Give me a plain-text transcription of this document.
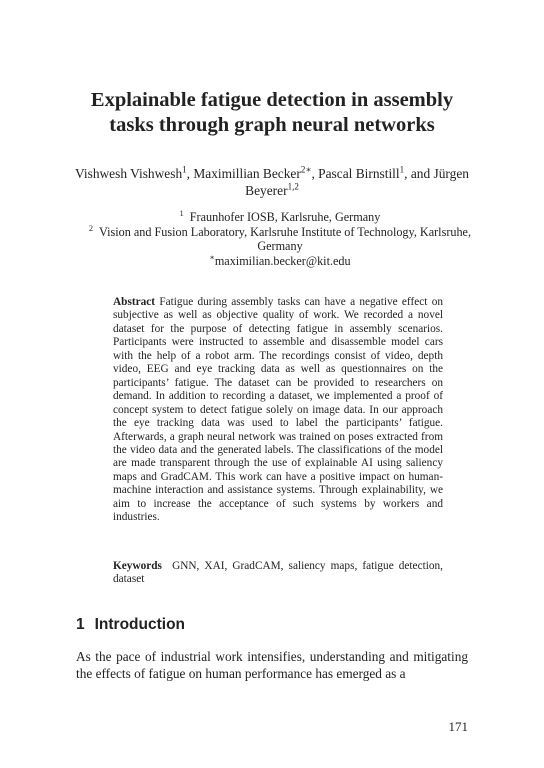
Explainable fatigue detection in assembly
tasks through graph neural networks
Vishwesh Vishwesh$^1$, Maximillian Becker$^{2∗}$, Pascal Birnstill$^1$, and Jürgen Beyerer$^{1,2}$
$^1$ Fraunhofer IOSB, Karlsruhe, Germany
$^2$ Vision and Fusion Laboratory, Karlsruhe Institute of Technology, Karlsruhe, Germany
∗maximilian.becker@kit.edu
Abstract Fatigue during assembly tasks can have a negative effect on subjective as well as objective quality of work. We recorded a novel dataset for the purpose of detecting fatigue in assembly scenarios. Participants were instructed to assemble and disassemble model cars with the help of a robot arm. The recordings consist of video, depth video, EEG and eye tracking data as well as questionnaires on the participants’ fatigue. The dataset can be provided to researchers on demand. In addition to recording a dataset, we implemented a proof of concept system to detect fatigue solely on image data. In our approach the eye tracking data was used to label the participants’ fatigue. Afterwards, a graph neural network was trained on poses extracted from the video data and the generated labels. The classifications of the model are made transparent through the use of explainable AI using saliency maps and GradCAM. This work can have a positive impact on human-machine interaction and assistance systems. Through explainability, we aim to increase the acceptance of such systems by workers and industries.
Keywords GNN, XAI, GradCAM, saliency maps, fatigue detection, dataset
1 Introduction
As the pace of industrial work intensifies, understanding and mitigating the effects of fatigue on human performance has emerged as a
171
